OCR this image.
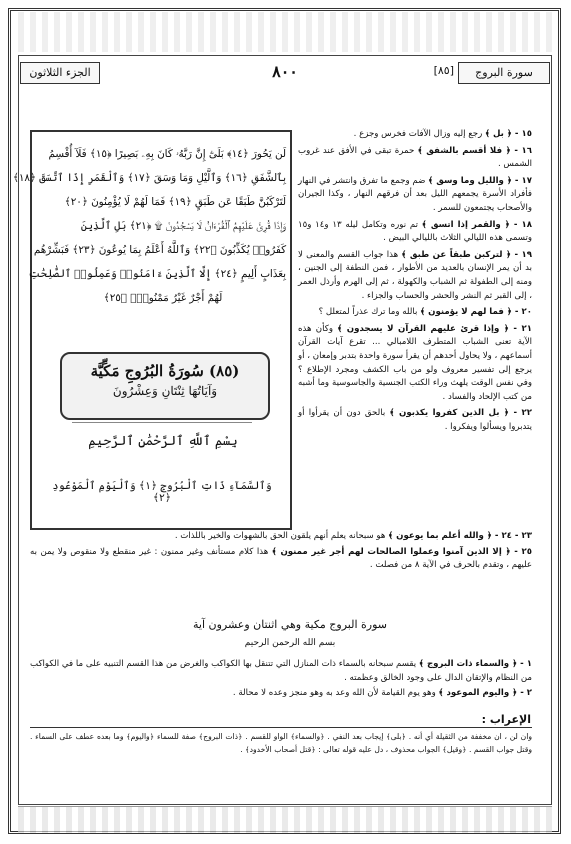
سورة البروج
[٨٥]
٨٠٠
الجزء الثلاثون

١٥ - ﴿ بل ﴾ رجع إليه وزال الآفات فخرس وجزع .

١٦ - ﴿ فلا أقسم بالشفق ﴾ حمرة تبقى في الأفق عند غروب الشمس .

١٧ - ﴿ والليل وما وسق ﴾ ضم وجمع ما تفرق وانتشر في النهار فأفراد الأسرة يجمعهم الليل بعد أن فرقهم النهار ، وكذا الجيران والأصحاب يجتمعون للسمر .

١٨ - ﴿ والقمر إذا اتسق ﴾ تم نوره وتكامل ليله ١٣ و١٤ و١٥ وتسمى هذه الليالي الثلاث بالليالي البيض .

١٩ - ﴿ لتركبن طبقاً عن طبق ﴾ هذا جواب القسم والمعنى لا بد أن يمر الإنسان بالعديد من الأطوار ، فمن النطفة إلى الجنين ، ومنه إلى الطفولة ثم الشباب والكهولة ، ثم إلى الهرم وأرذل العمر ، إلى القبر ثم النشر والحشر والحساب والجزاء .

٢٠ - ﴿ فما لهم لا يؤمنون ﴾ بالله وما ترك عذراً لمتعلل ؟

٢١ - ﴿ وإذا قرئ عليهم القرآن لا يسجدون ﴾ وكأن هذه الآية تعنى الشباب المتطرف اللامبالي ... تقرع آيات القرآن أسماعهم ، ولا يحاول أحدهم أن يقرأ سورة واحدة بتدبر وإمعان ، أو يرجع إلى تفسير معروف ولو من باب الكشف ومجرد الإطلاع ؟ وفي نفس الوقت يلهث وراء الكتب الجنسية والجاسوسية وما أشبه من كتب الإلحاد والفساد .

٢٢ - ﴿ بل الذين كفروا يكذبون ﴾ بالحق دون أن يقرأوا أو يتدبروا ويسألوا ويفكروا .

لَن يَحُورَ ﴿١٤﴾ بَلَىٰٓ إِنَّ رَبَّهُۥ كَانَ بِهِۦ بَصِيرًا ﴿١٥﴾ فَلَآ أُقْسِمُ
بِٱلشَّفَقِ ﴿١٦﴾ وَٱلَّيْلِ وَمَا وَسَقَ ﴿١٧﴾ وَٱلْقَمَرِ إِذَا ٱتَّسَقَ ﴿١٨﴾
لَتَرْكَبُنَّ طَبَقًا عَن طَبَقٍ ﴿١٩﴾ فَمَا لَهُمْ لَا يُؤْمِنُونَ ﴿٢٠﴾
وَإِذَا قُرِئَ عَلَيْهِمُ ٱلْقُرْءَانُ لَا يَسْجُدُونَ ۩ ﴿٢١﴾ بَلِ ٱلَّذِينَ
كَفَرُوا۟ يُكَذِّبُونَ ﴿٢٢﴾ وَٱللَّهُ أَعْلَمُ بِمَا يُوعُونَ ﴿٢٣﴾ فَبَشِّرْهُم
بِعَذَابٍ أَلِيمٍ ﴿٢٤﴾ إِلَّا ٱلَّذِينَ ءَامَنُوا۟ وَعَمِلُوا۟ ٱلصَّٰلِحَٰتِ
لَهُمْ أَجْرٌ غَيْرُ مَمْنُونٍۭ ﴿٢٥﴾
(٨٥) سُورَةُ البُرُوجِ مَكِّيَّة
وَآيَاتُهَا ثِنْتَانِ وَعِشْرُونَ
بِسْمِ ٱللَّهِ ٱلرَّحْمَٰنِ ٱلرَّحِيمِ
وَٱلسَّمَآءِ ذَاتِ ٱلْبُرُوجِ ﴿١﴾ وَٱلْيَوْمِ ٱلْمَوْعُودِ ﴿٢﴾

٢٣ - ٢٤ - ﴿ والله أعلم بما يوعون ﴾ هو سبحانه يعلم أنهم يلقون الحق بالشهوات والخير باللذات .

٢٥ - ﴿ إلا الذين آمنوا وعملوا الصالحات لهم أجر غير ممنون ﴾ هذا كلام مستأنف وغير ممنون : غير منقطع ولا منقوص ولا يمن به عليهم ، وتقدم بالحرف في الآية ٨ من فصلت .

سورة البروج مكية وهي اثنتان وعشرون آية
بسم الله الرحمن الرحيم

١ - ﴿ والسماء ذات البروج ﴾ يقسم سبحانه بالسماء ذات المنازل التي تتنقل بها الكواكب والغرض من هذا القسم التنبيه على ما في الكواكب من النظام والإتقان الدال على وجود الخالق وعظمته .

٢ - ﴿ واليوم الموعود ﴾ وهو يوم القيامة لأن الله وعد به وهو منجز وعده لا محالة .

الإعراب :
وان لن ، ان مخففة من الثقيلة أي أنه . ﴿بلى﴾ إيجاب بعد النفي . ﴿والسماء﴾ الواو للقسم . ﴿ذات البروج﴾ صفة للسماء ﴿واليوم﴾ وما بعده عطف على السماء . وقتل جواب القسم . ﴿وقيل﴾ الجواب محذوف ، دل عليه قوله تعالى : ﴿قتل أصحاب الأخدود﴾ .
